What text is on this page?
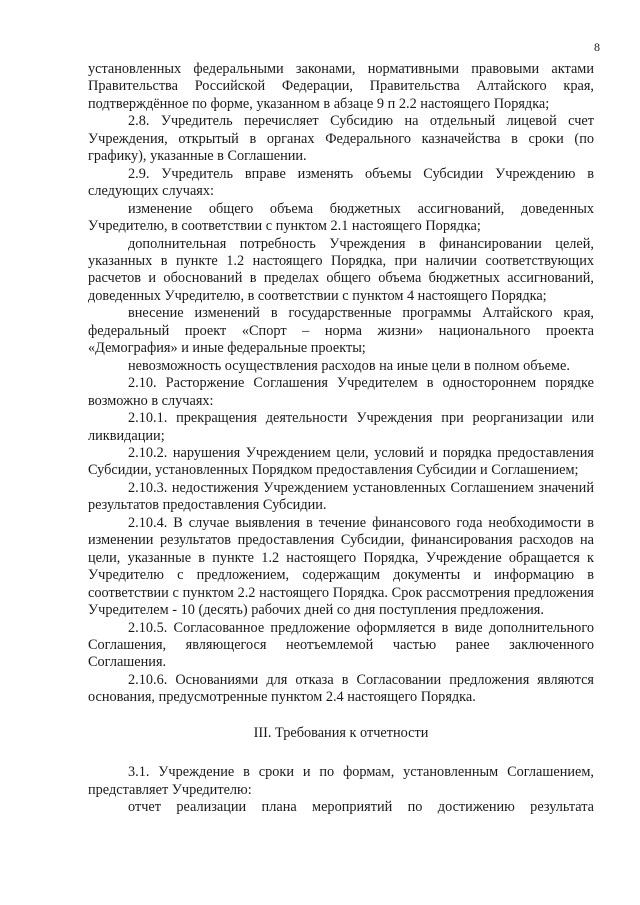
8

установленных федеральными законами, нормативными правовыми актами Правительства Российской Федерации, Правительства Алтайского края, подтверждённое по форме, указанном в абзаце 9 п 2.2 настоящего Порядка;

2.8. Учредитель перечисляет Субсидию на отдельный лицевой счет Учреждения, открытый в органах Федерального казначейства в сроки (по графику), указанные в Соглашении.

2.9. Учредитель вправе изменять объемы Субсидии Учреждению в следующих случаях:

изменение общего объема бюджетных ассигнований, доведенных Учредителю, в соответствии с пунктом 2.1 настоящего Порядка;

дополнительная потребность Учреждения в финансировании целей, указанных в пункте 1.2 настоящего Порядка, при наличии соответствующих расчетов и обоснований в пределах общего объема бюджетных ассигнований, доведенных Учредителю, в соответствии с пунктом 4 настоящего Порядка;

внесение изменений в государственные программы Алтайского края, федеральный проект «Спорт – норма жизни» национального проекта «Демография» и иные федеральные проекты;

невозможность осуществления расходов на иные цели в полном объеме.

2.10. Расторжение Соглашения Учредителем в одностороннем порядке возможно в случаях:

2.10.1. прекращения деятельности Учреждения при реорганизации или ликвидации;

2.10.2. нарушения Учреждением цели, условий и порядка предоставления Субсидии, установленных Порядком предоставления Субсидии и Соглашением;

2.10.3. недостижения Учреждением установленных Соглашением значений результатов предоставления Субсидии.

2.10.4. В случае выявления в течение финансового года необходимости в изменении результатов предоставления Субсидии, финансирования расходов на цели, указанные в пункте 1.2 настоящего Порядка, Учреждение обращается к Учредителю с предложением, содержащим документы и информацию в соответствии с пунктом 2.2 настоящего Порядка. Срок рассмотрения предложения Учредителем - 10 (десять) рабочих дней со дня поступления предложения.

2.10.5. Согласованное предложение оформляется в виде дополнительного Соглашения, являющегося неотъемлемой частью ранее заключенного Соглашения.

2.10.6. Основаниями для отказа в Согласовании предложения являются основания, предусмотренные пунктом 2.4 настоящего Порядка.

III. Требования к отчетности

3.1. Учреждение в сроки и по формам, установленным Соглашением, представляет Учредителю:

отчет реализации плана мероприятий по достижению результата
